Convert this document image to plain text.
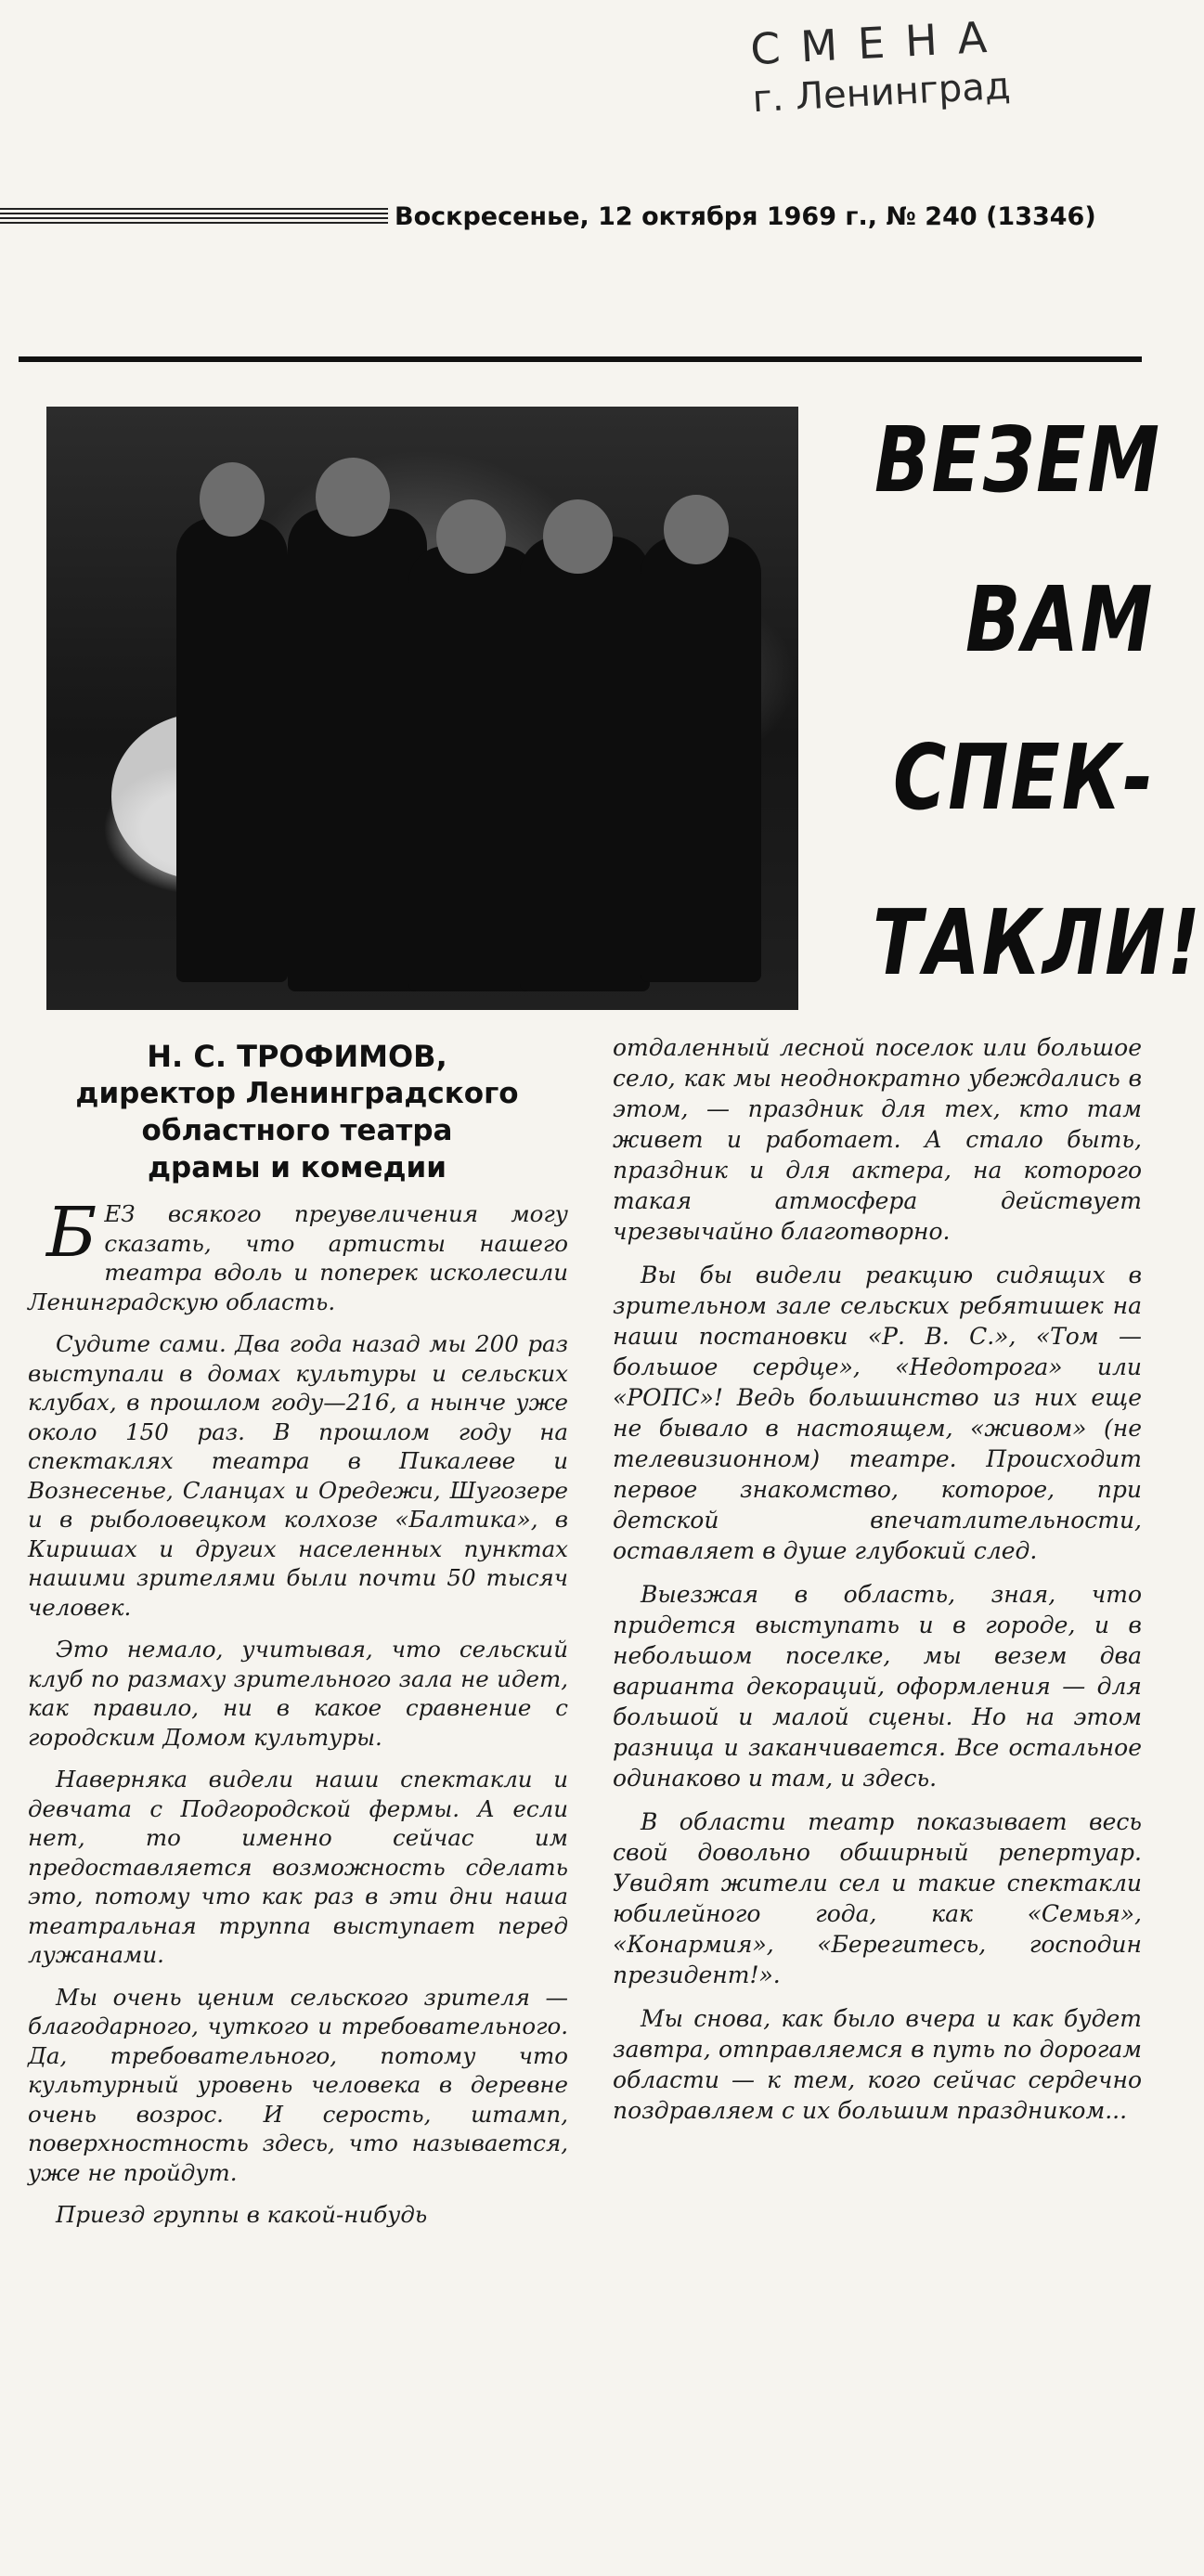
СМЕНА
г. Ленинград
Воскресенье, 12 октября 1969 г., № 240 (13346)
ВЕЗЕМ
ВАМ
СПЕК-
ТАКЛИ!
Н. С. ТРОФИМОВ,
директор Ленинградского
областного театра
драмы и комедии

БЕЗ всякого преувеличения могу сказать, что артисты нашего театра вдоль и поперек исколесили Ленинградскую область.

Судите сами. Два года назад мы 200 раз выступали в домах культуры и сельских клубах, в прошлом году—216, а нынче уже около 150 раз. В прошлом году на спектаклях театра в Пикалеве и Вознесенье, Сланцах и Оредежи, Шугозере и в рыболовецком колхозе «Балтика», в Киришах и других населенных пунктах нашими зрителями были почти 50 тысяч человек.

Это немало, учитывая, что сельский клуб по размаху зрительного зала не идет, как правило, ни в какое сравнение с городским Домом культуры.

Наверняка видели наши спектакли и девчата с Подгородской фермы. А если нет, то именно сейчас им предоставляется возможность сделать это, потому что как раз в эти дни наша театральная труппа выступает перед лужанами.

Мы очень ценим сельского зрителя — благодарного, чуткого и требовательного. Да, требовательного, потому что культурный уровень человека в деревне очень возрос. И серость, штамп, поверхностность здесь, что называется, уже не пройдут.

Приезд группы в какой-нибудь

отдаленный лесной поселок или большое село, как мы неоднократно убеждались в этом, — праздник для тех, кто там живет и работает. А стало быть, праздник и для актера, на которого такая атмосфера действует чрезвычайно благотворно.

Вы бы видели реакцию сидящих в зрительном зале сельских ребятишек на наши постановки «Р. В. С.», «Том — большое сердце», «Недотрога» или «РОПС»! Ведь большинство из них еще не бывало в настоящем, «живом» (не телевизионном) театре. Происходит первое знакомство, которое, при детской впечатлительности, оставляет в душе глубокий след.

Выезжая в область, зная, что придется выступать и в городе, и в небольшом поселке, мы везем два варианта декораций, оформления — для большой и малой сцены. Но на этом разница и заканчивается. Все остальное одинаково и там, и здесь.

В области театр показывает весь свой довольно обширный репертуар. Увидят жители сел и такие спектакли юбилейного года, как «Семья», «Конармия», «Берегитесь, господин президент!».

Мы снова, как было вчера и как будет завтра, отправляемся в путь по дорогам области — к тем, кого сейчас сердечно поздравляем с их большим праздником...
